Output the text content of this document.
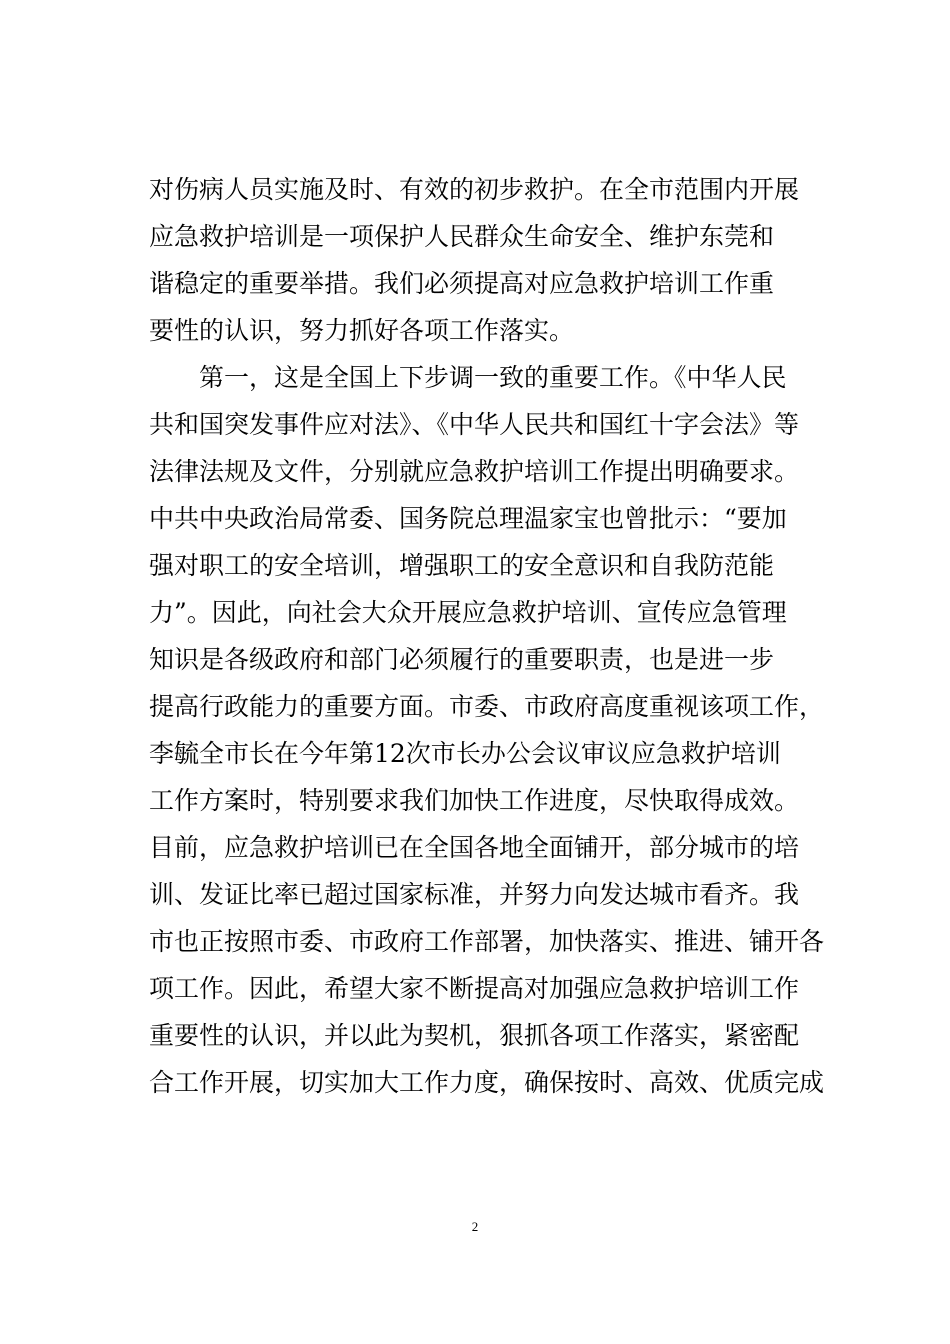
对伤病人员实施及时、有效的初步救护。在全市范围内开展
应急救护培训是一项保护人民群众生命安全、维护东莞和
谐稳定的重要举措。我们必须提高对应急救护培训工作重
要性的认识，努力抓好各项工作落实。

第一，这是全国上下步调一致的重要工作。《中华人民
共和国突发事件应对法》、《中华人民共和国红十字会法》等
法律法规及文件，分别就应急救护培训工作提出明确要求。
中共中央政治局常委、国务院总理温家宝也曾批示：“要加
强对职工的安全培训，增强职工的安全意识和自我防范能
力”。因此，向社会大众开展应急救护培训、宣传应急管理
知识是各级政府和部门必须履行的重要职责，也是进一步
提高行政能力的重要方面。市委、市政府高度重视该项工作，
李毓全市长在今年第12次市长办公会议审议应急救护培训
工作方案时，特别要求我们加快工作进度，尽快取得成效。
目前，应急救护培训已在全国各地全面铺开，部分城市的培
训、发证比率已超过国家标准，并努力向发达城市看齐。我
市也正按照市委、市政府工作部署，加快落实、推进、铺开各
项工作。因此，希望大家不断提高对加强应急救护培训工作
重要性的认识，并以此为契机，狠抓各项工作落实，紧密配
合工作开展，切实加大工作力度，确保按时、高效、优质完成

2
